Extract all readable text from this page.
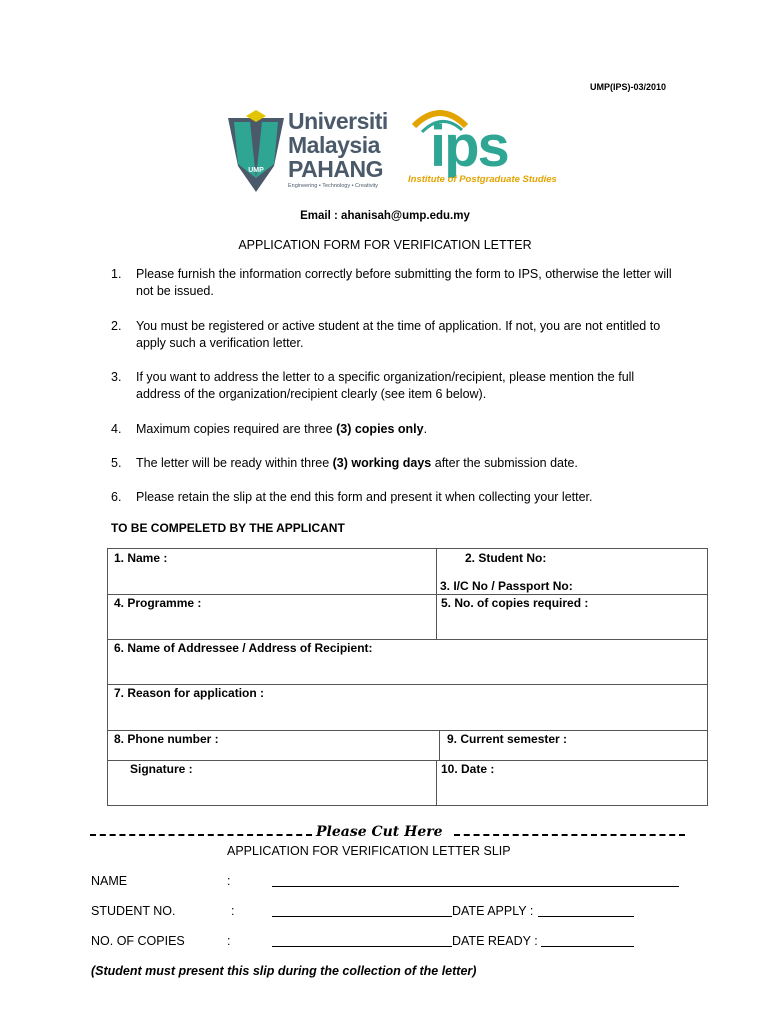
UMP(IPS)-03/2010
UMP
Universiti
Malaysia
PAHANG
Engineering • Technology • Creativity
ips
Institute of Postgraduate Studies
Email : ahanisah@ump.edu.my
APPLICATION FORM FOR VERIFICATION LETTER
1. Please furnish the information correctly before submitting the form to IPS, otherwise the letter will not be issued.
2. You must be registered or active student at the time of application. If not, you are not entitled to apply such a verification letter.
3. If you want to address the letter to a specific organization/recipient, please mention the full address of the organization/recipient clearly (see item 6 below).
4. Maximum copies required are three (3) copies only.
5. The letter will be ready within three (3) working days after the submission date.
6. Please retain the slip at the end this form and present it when collecting your letter.
TO BE COMPELETD BY THE APPLICANT
1. Name :	2. Student No:
3. I/C No / Passport No:
4. Programme :	5. No. of copies required :
6. Name of Addressee / Address of Recipient:
7. Reason for application :
8. Phone number :	9. Current semester :
Signature :	10. Date :
Please Cut Here
APPLICATION FOR VERIFICATION LETTER SLIP
NAME	:
STUDENT NO.	:	DATE APPLY :
NO. OF COPIES	:	DATE READY :
(Student must present this slip during the collection of the letter)
